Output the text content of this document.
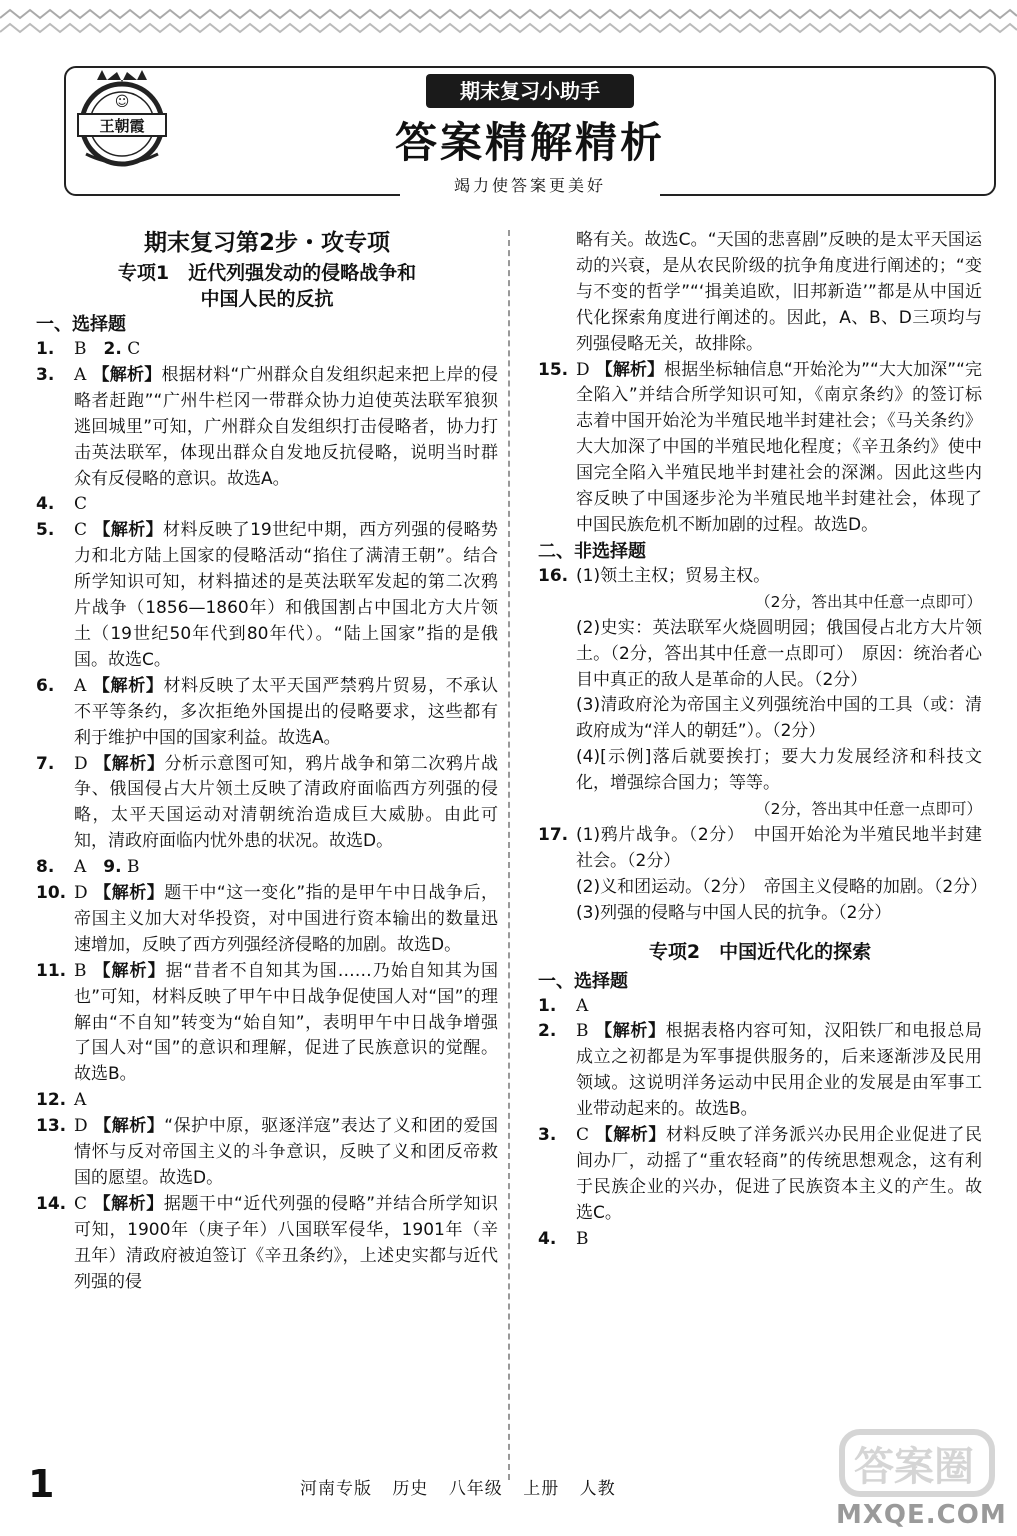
王朝霞
☺	期末复习小助手
答案精解精析
竭力使答案更美好
期末复习第2步・攻专项
专项1　近代列强发动的侵略战争和
中国人民的反抗
一、选择题
1. B　2. C
3. A 【解析】根据材料“广州群众自发组织起来把上岸的侵略者赶跑”“广州牛栏冈一带群众协力迫使英法联军狼狈逃回城里”可知，广州群众自发组织打击侵略者，协力打击英法联军，体现出群众自发地反抗侵略，说明当时群众有反侵略的意识。故选A。
4. C
5. C 【解析】材料反映了19世纪中期，西方列强的侵略势力和北方陆上国家的侵略活动“掐住了满清王朝”。结合所学知识可知，材料描述的是英法联军发起的第二次鸦片战争（1856—1860年）和俄国割占中国北方大片领土（19世纪50年代到80年代）。“陆上国家”指的是俄国。故选C。
6. A 【解析】材料反映了太平天国严禁鸦片贸易，不承认不平等条约，多次拒绝外国提出的侵略要求，这些都有利于维护中国的国家利益。故选A。
7. D 【解析】分析示意图可知，鸦片战争和第二次鸦片战争、俄国侵占大片领土反映了清政府面临西方列强的侵略，太平天国运动对清朝统治造成巨大威胁。由此可知，清政府面临内忧外患的状况。故选D。
8. A　9. B
10. D 【解析】题干中“这一变化”指的是甲午中日战争后，帝国主义加大对华投资，对中国进行资本输出的数量迅速增加，反映了西方列强经济侵略的加剧。故选D。
11. B 【解析】据“昔者不自知其为国……乃始自知其为国也”可知，材料反映了甲午中日战争促使国人对“国”的理解由“不自知”转变为“始自知”，表明甲午中日战争增强了国人对“国”的意识和理解，促进了民族意识的觉醒。故选B。
12. A
13. D 【解析】“保护中原，驱逐洋寇”表达了义和团的爱国情怀与反对帝国主义的斗争意识，反映了义和团反帝救国的愿望。故选D。
14. C 【解析】据题干中“近代列强的侵略”并结合所学知识可知，1900年（庚子年）八国联军侵华，1901年（辛丑年）清政府被迫签订《辛丑条约》，上述史实都与近代列强的侵
略有关。故选C。“天国的悲喜剧”反映的是太平天国运动的兴衰，是从农民阶级的抗争角度进行阐述的；“变与不变的哲学”“‘揖美追欧，旧邦新造’”都是从中国近代化探索角度进行阐述的。因此，A、B、D三项均与列强侵略无关，故排除。
15. D 【解析】根据坐标轴信息“开始沦为”“大大加深”“完全陷入”并结合所学知识可知，《南京条约》的签订标志着中国开始沦为半殖民地半封建社会；《马关条约》大大加深了中国的半殖民地化程度；《辛丑条约》使中国完全陷入半殖民地半封建社会的深渊。因此这些内容反映了中国逐步沦为半殖民地半封建社会，体现了中国民族危机不断加剧的过程。故选D。
二、非选择题
16. (1)领土主权；贸易主权。
（2分，答出其中任意一点即可）
(2)史实：英法联军火烧圆明园；俄国侵占北方大片领土。（2分，答出其中任意一点即可）　原因：统治者心目中真正的敌人是革命的人民。（2分）
(3)清政府沦为帝国主义列强统治中国的工具（或：清政府成为“洋人的朝廷”）。（2分）
(4)[示例]落后就要挨打；要大力发展经济和科技文化，增强综合国力；等等。
（2分，答出其中任意一点即可）
17. (1)鸦片战争。（2分）　中国开始沦为半殖民地半封建社会。（2分）
(2)义和团运动。（2分）　帝国主义侵略的加剧。（2分）
(3)列强的侵略与中国人民的抗争。（2分）
专项2　中国近代化的探索
一、选择题
1. A
2. B 【解析】根据表格内容可知，汉阳铁厂和电报总局成立之初都是为军事提供服务的，后来逐渐涉及民用领域。这说明洋务运动中民用企业的发展是由军事工业带动起来的。故选B。
3. C 【解析】材料反映了洋务派兴办民用企业促进了民间办厂，动摇了“重农轻商”的传统思想观念，这有利于民族企业的兴办，促进了民族资本主义的产生。故选C。
4. B
1	河南专版 历史 八年级 上册 人教	答案圈
MXQE.COM
